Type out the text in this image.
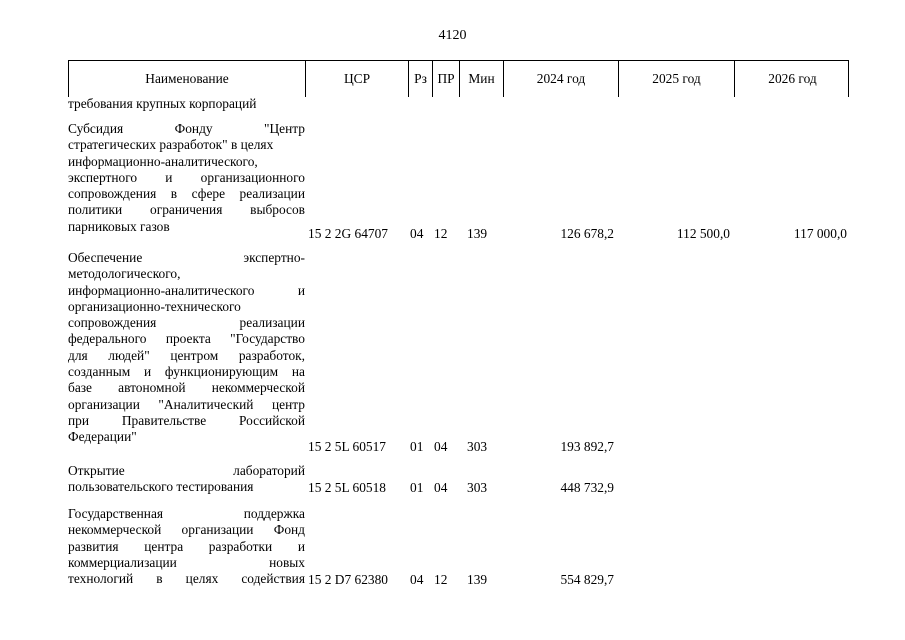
4120
Наименование	ЦСР	Рз ПР Мин	2024 год	2025 год	2026 год
требования крупных корпораций
Субсидия Фонду "Центр
стратегических разработок" в целях
информационно-аналитического,
экспертного и организационного
сопровождения в сфере реализации
политики ограничения выбросов
парниковых газов	15 2 2G 64707 04 12 139	126 678,2	112 500,0	117 000,0
Обеспечение экспертно-
методологического,
информационно-аналитического и
организационно-технического
сопровождения реализации
федерального проекта "Государство
для людей" центром разработок,
созданным и функционирующим на
базе автономной некоммерческой
организации "Аналитический центр
при Правительстве Российской
Федерации"
15 2 5L 60517 01 04 303	193 892,7
Открытие лабораторий
пользовательского тестирования	15 2 5L 60518 01 04 303	448 732,9
Государственная поддержка
некоммерческой организации Фонд
развития центра разработки и
коммерциализации новых
технологий в целях содействия 15 2 D7 62380 04 12 139	554 829,7
